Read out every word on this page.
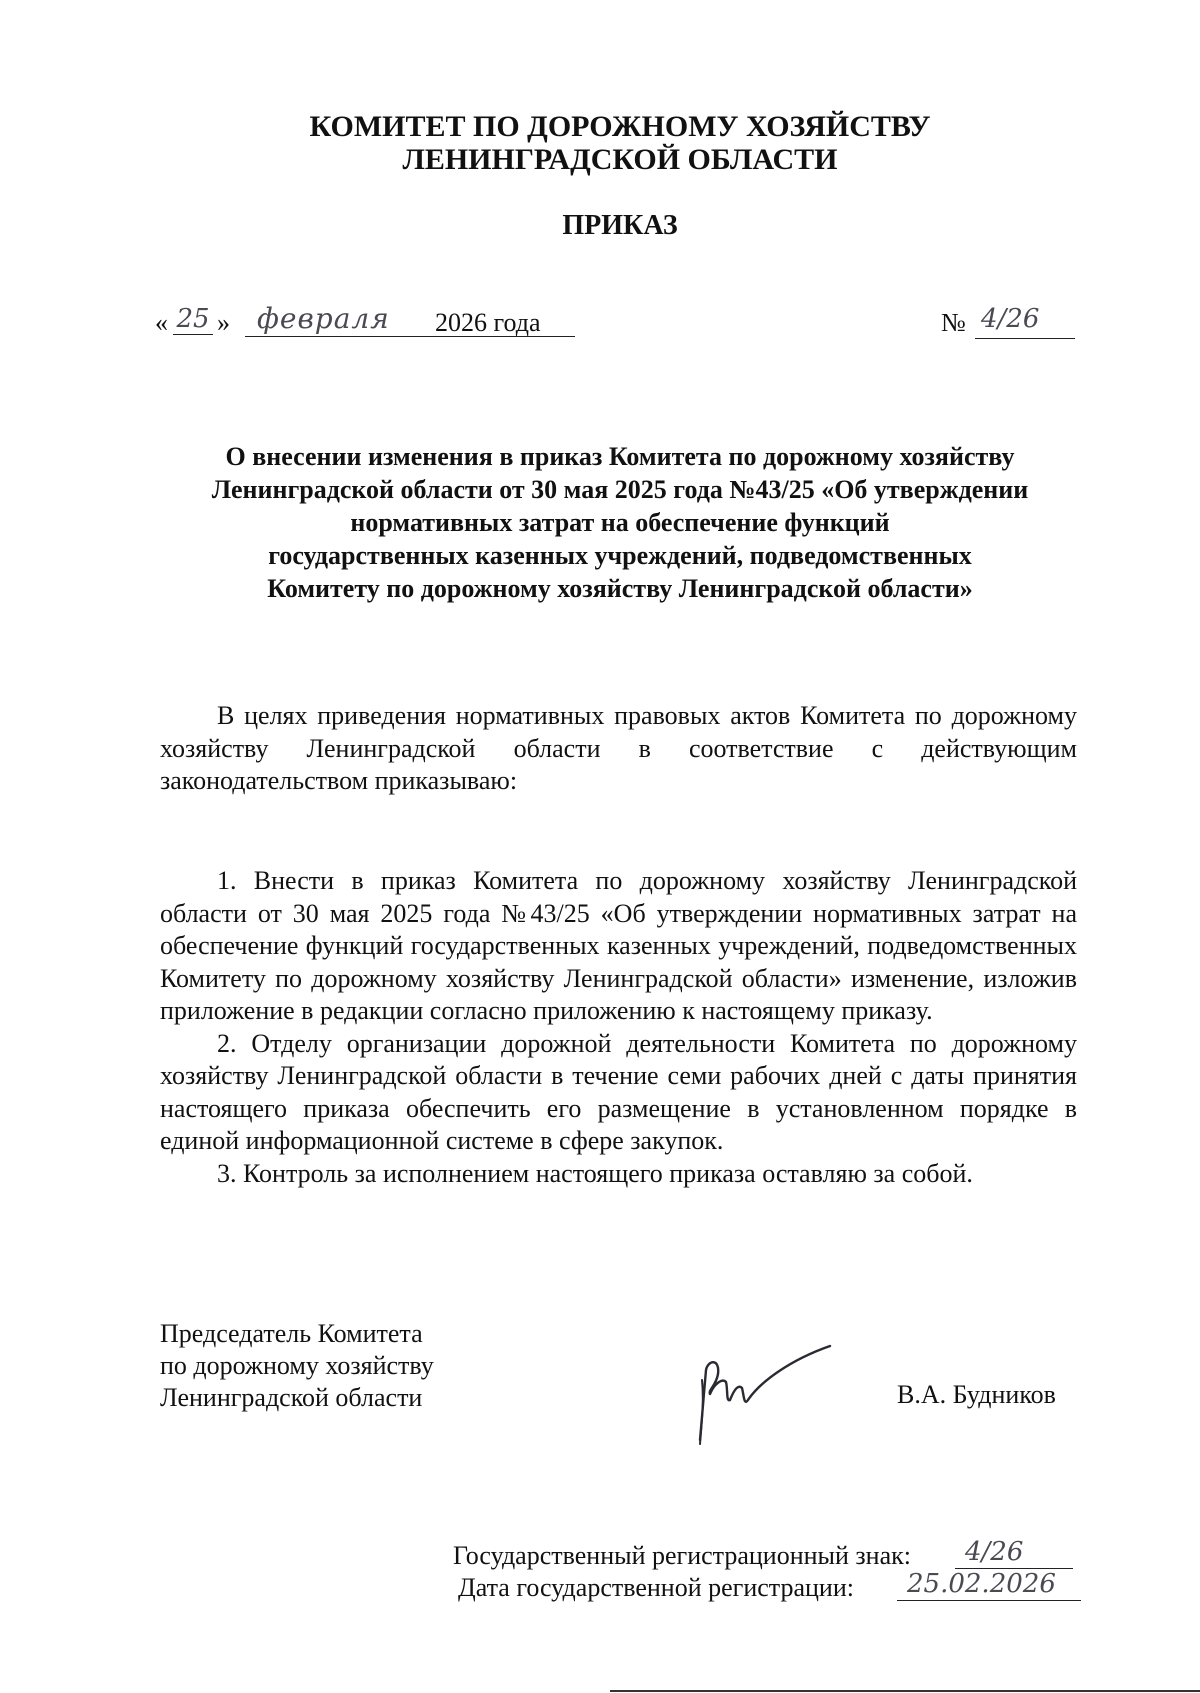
КОМИТЕТ ПО ДОРОЖНОМУ ХОЗЯЙСТВУ
ЛЕНИНГРАДСКОЙ ОБЛАСТИ
ПРИКАЗ
« 25 » февраля 2026 года	№ 4/26
О внесении изменения в приказ Комитета по дорожному хозяйству
Ленинградской области от 30 мая 2025 года №43/25 «Об утверждении
нормативных затрат на обеспечение функций
государственных казенных учреждений, подведомственных
Комитету по дорожному хозяйству Ленинградской области»

В целях приведения нормативных правовых актов Комитета по дорожному хозяйству Ленинградской области в соответствие с действующим законодательством приказываю:

1. Внести в приказ Комитета по дорожному хозяйству Ленинградской области от 30 мая 2025 года №43/25 «Об утверждении нормативных затрат на обеспечение функций государственных казенных учреждений, подведомственных Комитету по дорожному хозяйству Ленинградской области» изменение, изложив приложение в редакции согласно приложению к настоящему приказу.

2. Отделу организации дорожной деятельности Комитета по дорожному хозяйству Ленинградской области в течение семи рабочих дней с даты принятия настоящего приказа обеспечить его размещение в установленном порядке в единой информационной системе в сфере закупок.

3. Контроль за исполнением настоящего приказа оставляю за собой.

Председатель Комитета
по дорожному хозяйству
Ленинградской области	В.А. Будников
Государственный регистрационный знак: 4/26
Дата государственной регистрации: 25.02.2026
